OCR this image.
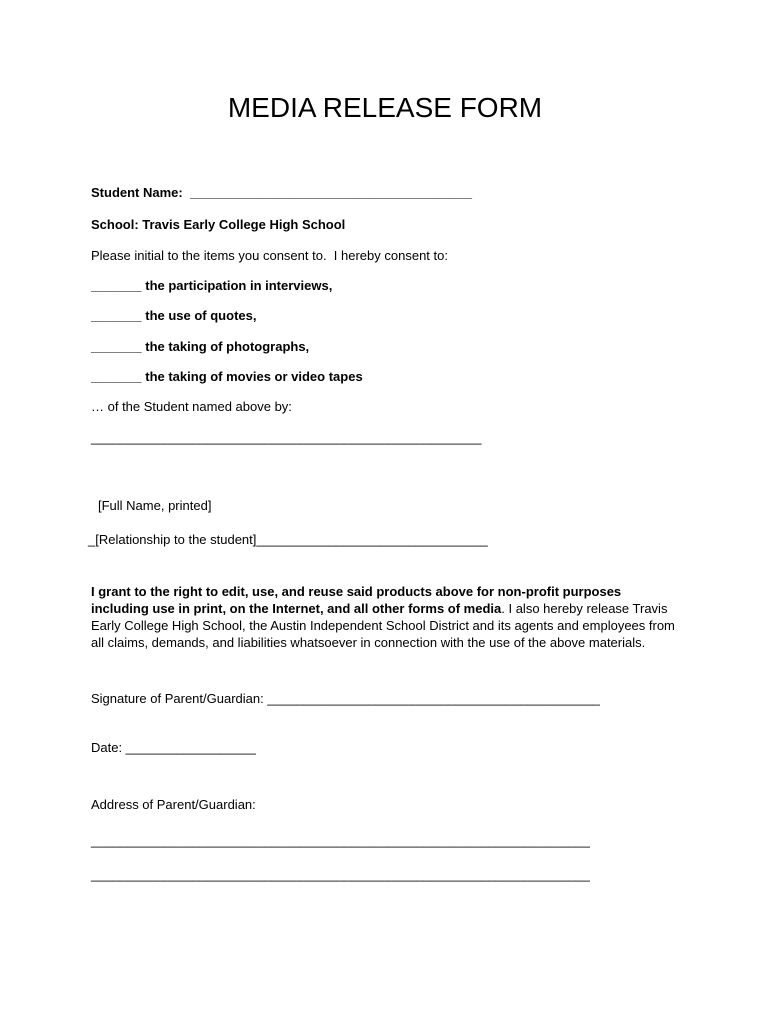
MEDIA RELEASE FORM
Student Name: _______________________________________
School: Travis Early College High School
Please initial to the items you consent to.  I hereby consent to:
_______ the participation in interviews,
_______ the use of quotes,
_______ the taking of photographs,
_______ the taking of movies or video tapes
… of the Student named above by:
______________________________________________________
[Full Name, printed]
_[Relationship to the student]________________________________
I grant to the right to edit, use, and reuse said products above for non-profit purposes including use in print, on the Internet, and all other forms of media. I also hereby release Travis Early College High School, the Austin Independent School District and its agents and employees from all claims, demands, and liabilities whatsoever in connection with the use of the above materials.
Signature of Parent/Guardian: ______________________________________________
Date: __________________
Address of Parent/Guardian:
_____________________________________________________________________
_____________________________________________________________________
